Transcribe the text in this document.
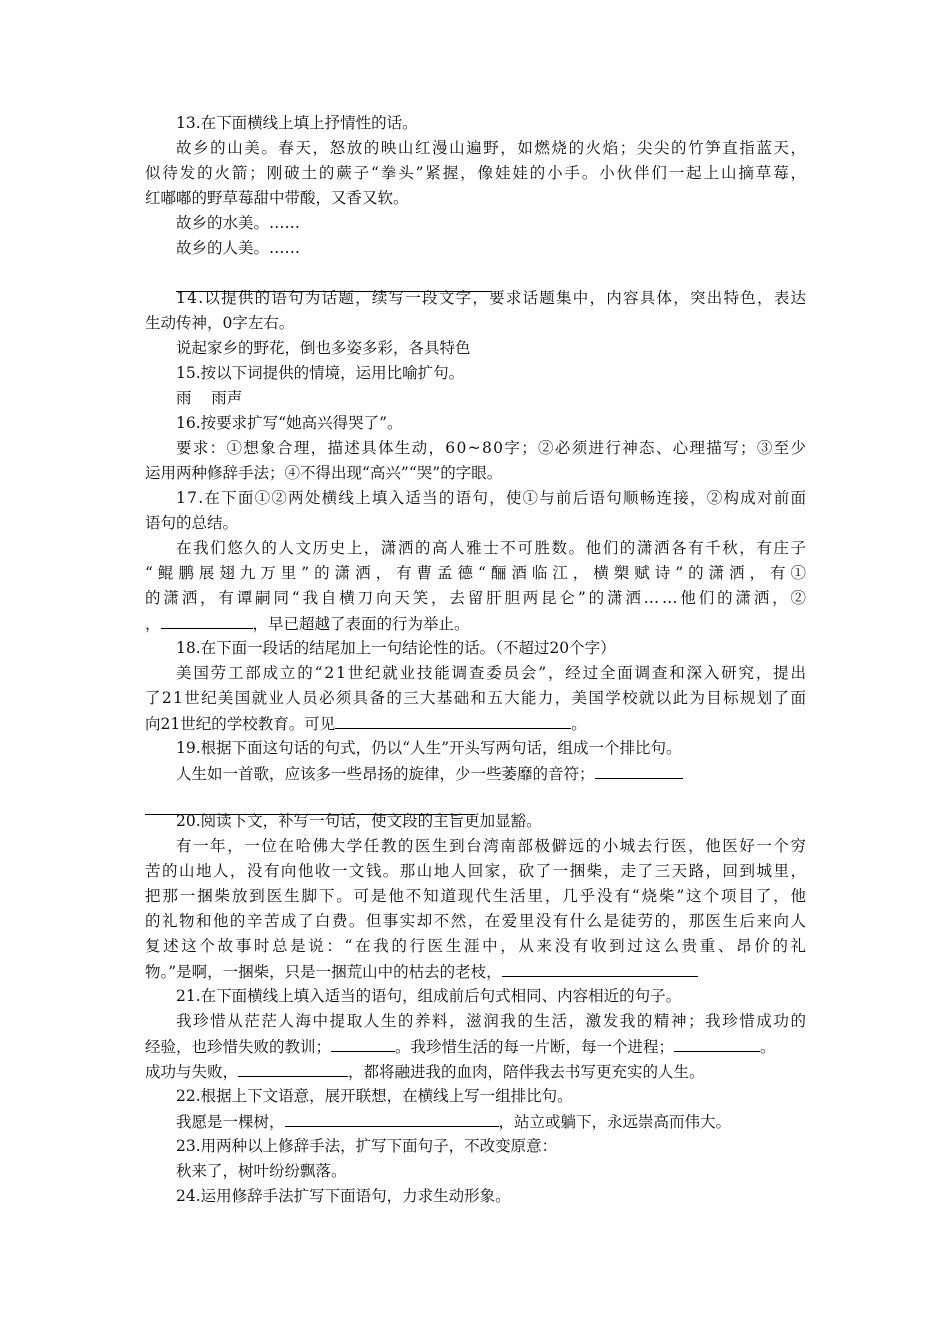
13.在下面横线上填上抒情性的话。
故乡的山美。春天，怒放的映山红漫山遍野，如燃烧的火焰；尖尖的竹笋直指蓝天，
似待发的火箭；刚破土的蕨子“拳头”紧握，像娃娃的小手。小伙伴们一起上山摘草莓，
红嘟嘟的野草莓甜中带酸，又香又软。
故乡的水美。……
故乡的人美。……
14.以提供的语句为话题，续写一段文字，要求话题集中，内容具体，突出特色，表达
生动传神，0字左右。
说起家乡的野花，倒也多姿多彩，各具特色
15.按以下词提供的情境，运用比喻扩句。
雨    雨声
16.按要求扩写“她高兴得哭了”。
要求：①想象合理，描述具体生动，60~80字；②必须进行神态、心理描写；③至少
运用两种修辞手法；④不得出现“高兴”“哭”的字眼。
17.在下面①②两处横线上填入适当的语句，使①与前后语句顺畅连接，②构成对前面
语句的总结。
在我们悠久的人文历史上，潇洒的高人雅士不可胜数。他们的潇洒各有千秋，有庄子
“鲲鹏展翅九万里”的潇洒，有曹孟德“酾酒临江，横槊赋诗”的潇洒，有①
的潇洒，有谭嗣同“我自横刀向天笑，去留肝胆两昆仑”的潇洒……他们的潇洒，②
18.在下面一段话的结尾加上一句结论性的话。（不超过20个字）
美国劳工部成立的“21世纪就业技能调查委员会”，经过全面调查和深入研究，提出
了21世纪美国就业人员必须具备的三大基础和五大能力，美国学校就以此为目标规划了面
19.根据下面这句话的句式，仍以“人生”开头写两句话，组成一个排比句。
20.阅读下文，补写一句话，使文段的主旨更加显豁。
有一年，一位在哈佛大学任教的医生到台湾南部极僻远的小城去行医，他医好一个穷
苦的山地人，没有向他收一文钱。那山地人回家，砍了一捆柴，走了三天路，回到城里，
把那一捆柴放到医生脚下。可是他不知道现代生活里，几乎没有“烧柴”这个项目了，他
的礼物和他的辛苦成了白费。但事实却不然，在爱里没有什么是徒劳的，那医生后来向人
复述这个故事时总是说：“在我的行医生涯中，从来没有收到过这么贵重、昂价的礼
21.在下面横线上填入适当的语句，组成前后句式相同、内容相近的句子。
我珍惜从茫茫人海中提取人生的养料，滋润我的生活，激发我的精神；我珍惜成功的
22.根据上下文语意，展开联想，在横线上写一组排比句。
23.用两种以上修辞手法，扩写下面句子，不改变原意：
秋来了，树叶纷纷飘落。
24.运用修辞手法扩写下面语句，力求生动形象。
，	，早已超越了表面的行为举止。
向21世纪的学校教育。可见	。
人生如一首歌，应该多一些昂扬的旋律，少一些萎靡的音符；
物。”是啊，一捆柴，只是一捆荒山中的枯去的老枝，
经验，也珍惜失败的教训；	。我珍惜生活的每一片断，每一个进程；	。
成功与失败，	，都将融进我的血肉，陪伴我去书写更充实的人生。
我愿是一棵树，	，站立或躺下，永远崇高而伟大。
